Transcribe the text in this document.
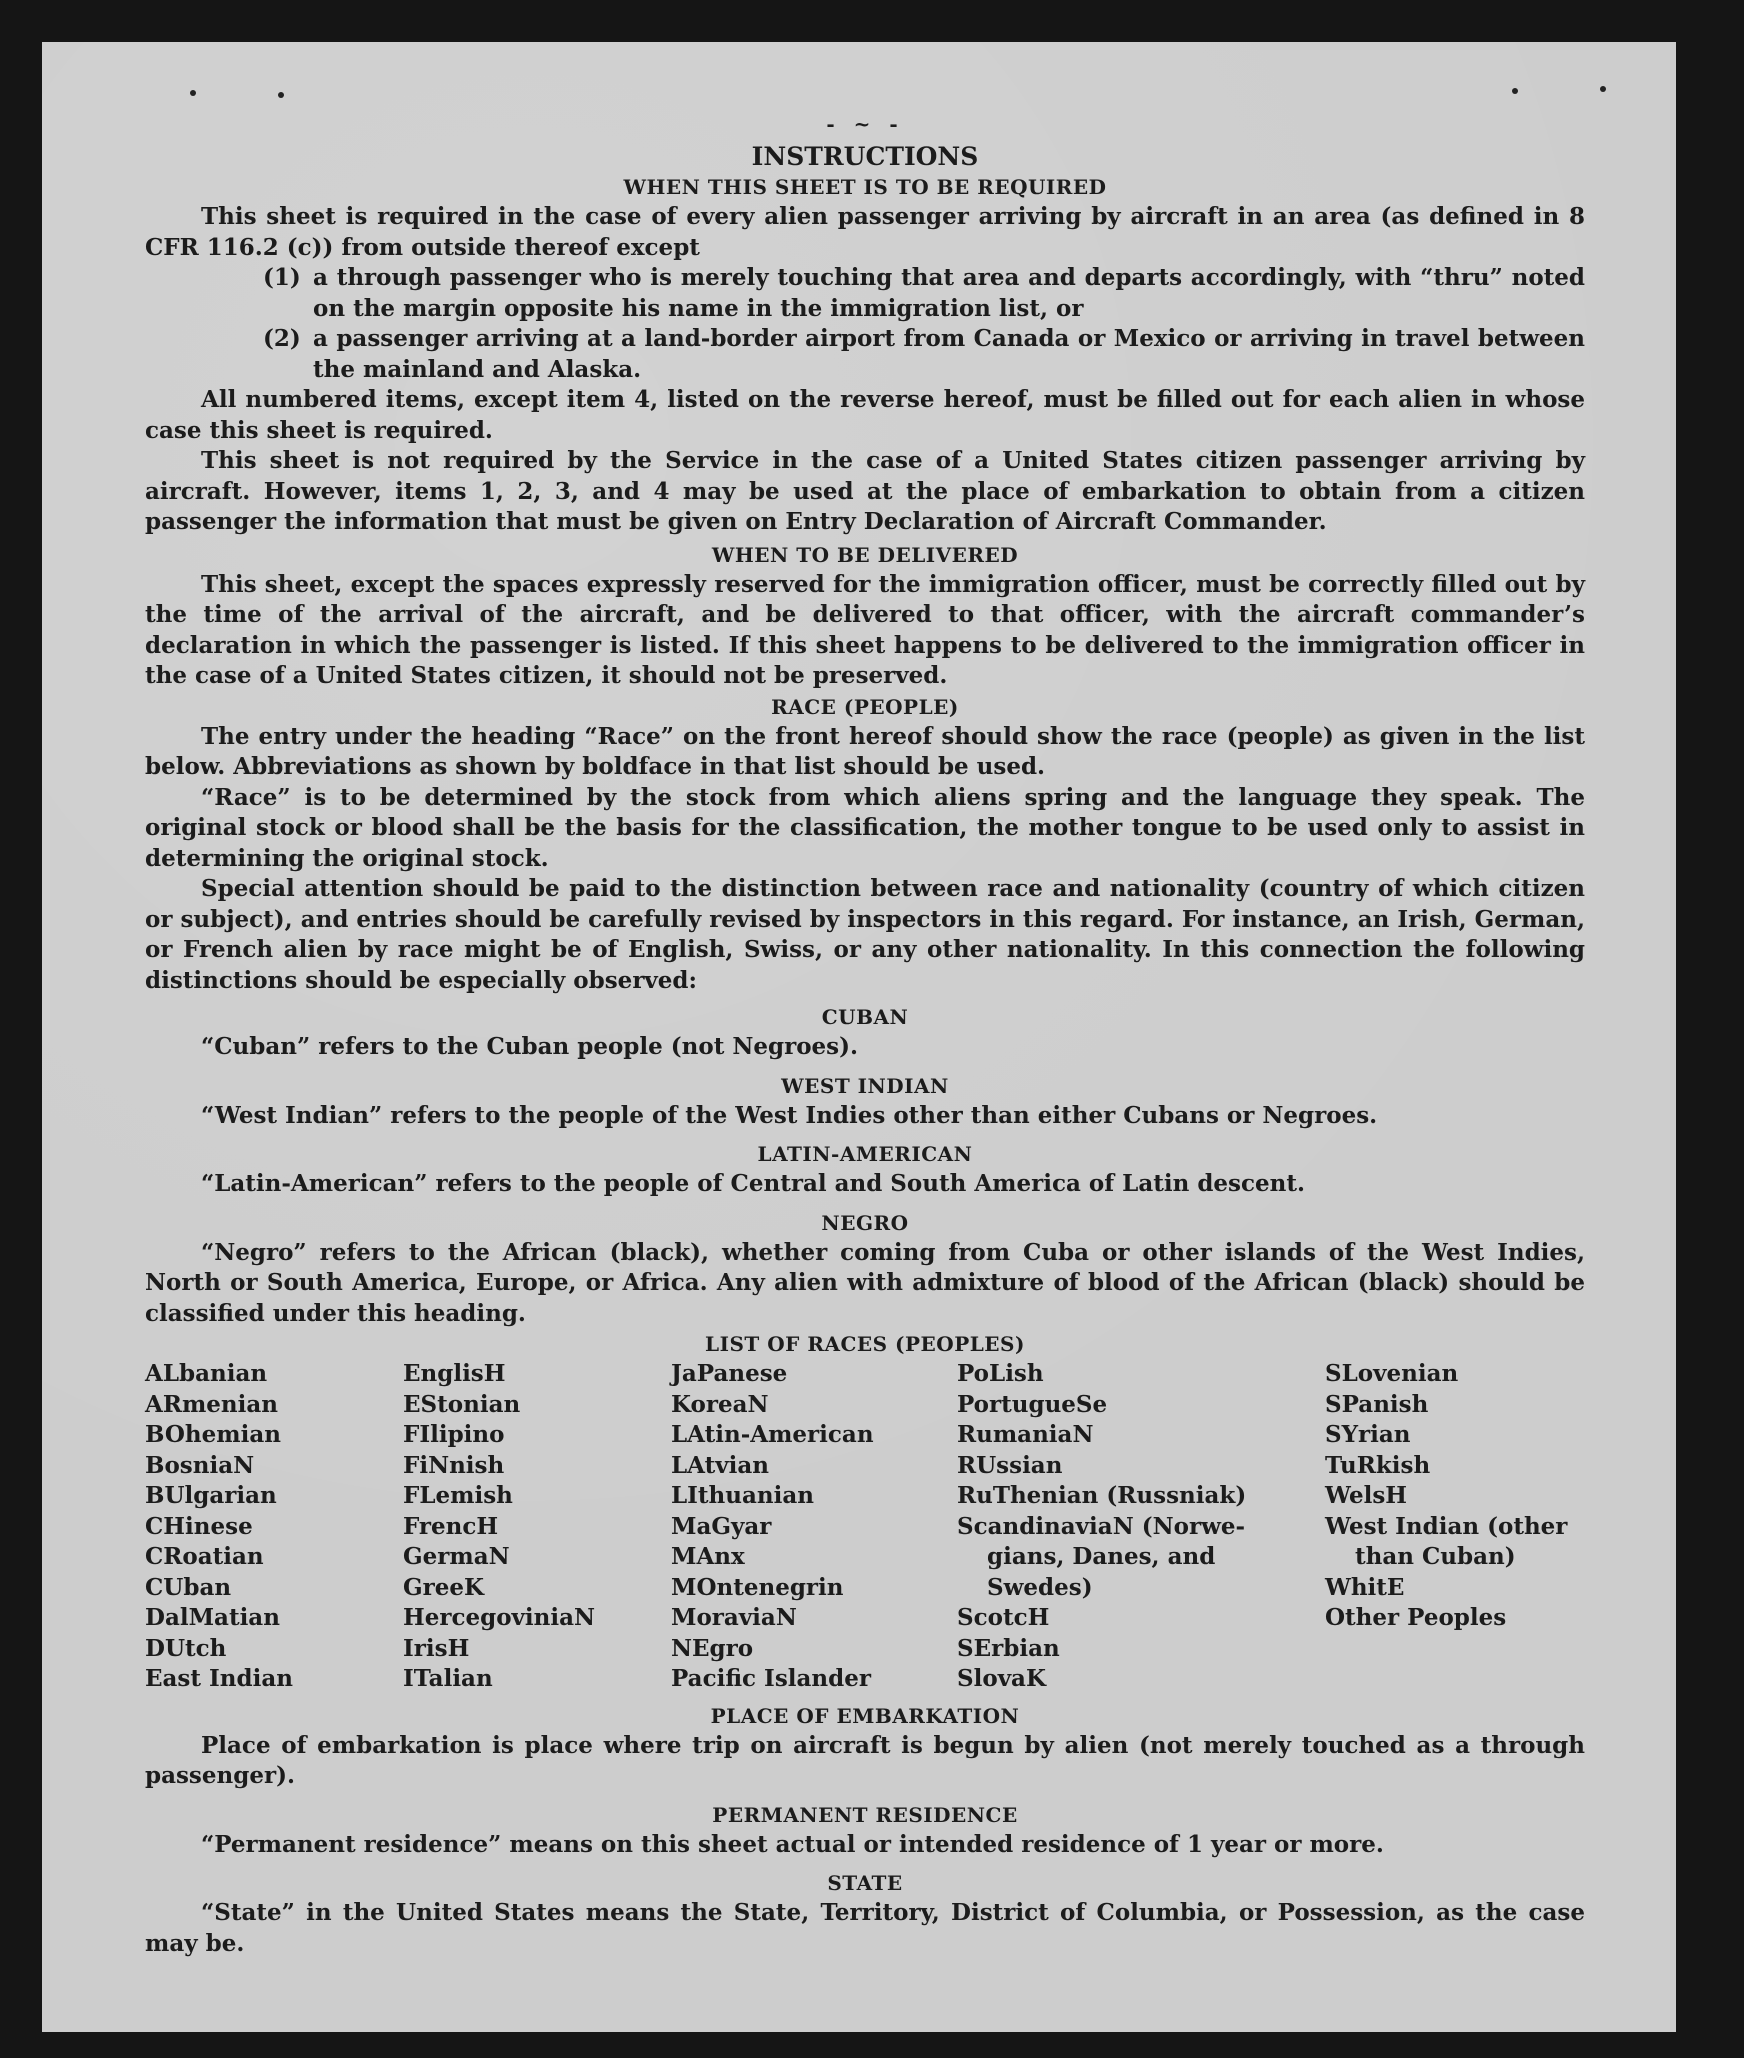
- ~ -
INSTRUCTIONS
WHEN THIS SHEET IS TO BE REQUIRED

This sheet is required in the case of every alien passenger arriving by aircraft in an area (as defined in 8 CFR 116.2 (c)) from outside thereof except

(1) a through passenger who is merely touching that area and departs accordingly, with “thru” noted on the margin opposite his name in the immigration list, or
(2) a passenger arriving at a land-border airport from Canada or Mexico or arriving in travel between the mainland and Alaska.

All numbered items, except item 4, listed on the reverse hereof, must be filled out for each alien in whose case this sheet is required.

This sheet is not required by the Service in the case of a United States citizen passenger arriving by aircraft. However, items 1, 2, 3, and 4 may be used at the place of embarkation to obtain from a citizen passenger the information that must be given on Entry Declaration of Aircraft Commander.

WHEN TO BE DELIVERED

This sheet, except the spaces expressly reserved for the immigration officer, must be correctly filled out by the time of the arrival of the aircraft, and be delivered to that officer, with the aircraft commander’s declaration in which the passenger is listed. If this sheet happens to be delivered to the immigration officer in the case of a United States citizen, it should not be preserved.

RACE (PEOPLE)

The entry under the heading “Race” on the front hereof should show the race (people) as given in the list below. Abbreviations as shown by boldface in that list should be used.

“Race” is to be determined by the stock from which aliens spring and the language they speak. The original stock or blood shall be the basis for the classification, the mother tongue to be used only to assist in determining the original stock.

Special attention should be paid to the distinction between race and nationality (country of which citizen or subject), and entries should be carefully revised by inspectors in this regard. For instance, an Irish, German, or French alien by race might be of English, Swiss, or any other nationality. In this connection the following distinctions should be especially observed:

CUBAN

“Cuban” refers to the Cuban people (not Negroes).

WEST INDIAN

“West Indian” refers to the people of the West Indies other than either Cubans or Negroes.

LATIN-AMERICAN

“Latin-American” refers to the people of Central and South America of Latin descent.

NEGRO

“Negro” refers to the African (black), whether coming from Cuba or other islands of the West Indies, North or South America, Europe, or Africa. Any alien with admixture of blood of the African (black) should be classified under this heading.

LIST OF RACES (PEOPLES)
ALbanian
ARmenian
BOhemian
BosniaN
BUlgarian
CHinese
CRoatian
CUban
DalMatian
DUtch
East Indian
EnglisH
EStonian
FIlipino
FiNnish
FLemish
FrencH
GermaN
GreeK
HercegoviniaN
IrisH
ITalian
JaPanese
KoreaN
LAtin-American
LAtvian
LIthuanian
MaGyar
MAnx
MOntenegrin
MoraviaN
NEgro
Pacific Islander
PoLish
PortugueSe
RumaniaN
RUssian
RuThenian (Russniak)
ScandinaviaN (Norwe-
gians, Danes, and
Swedes)
ScotcH
SErbian
SlovaK
SLovenian
SPanish
SYrian
TuRkish
WelsH
West Indian (other
than Cuban)
WhitE
Other Peoples
PLACE OF EMBARKATION

Place of embarkation is place where trip on aircraft is begun by alien (not merely touched as a through passenger).

PERMANENT RESIDENCE

“Permanent residence” means on this sheet actual or intended residence of 1 year or more.

STATE

“State” in the United States means the State, Territory, District of Columbia, or Possession, as the case may be.
